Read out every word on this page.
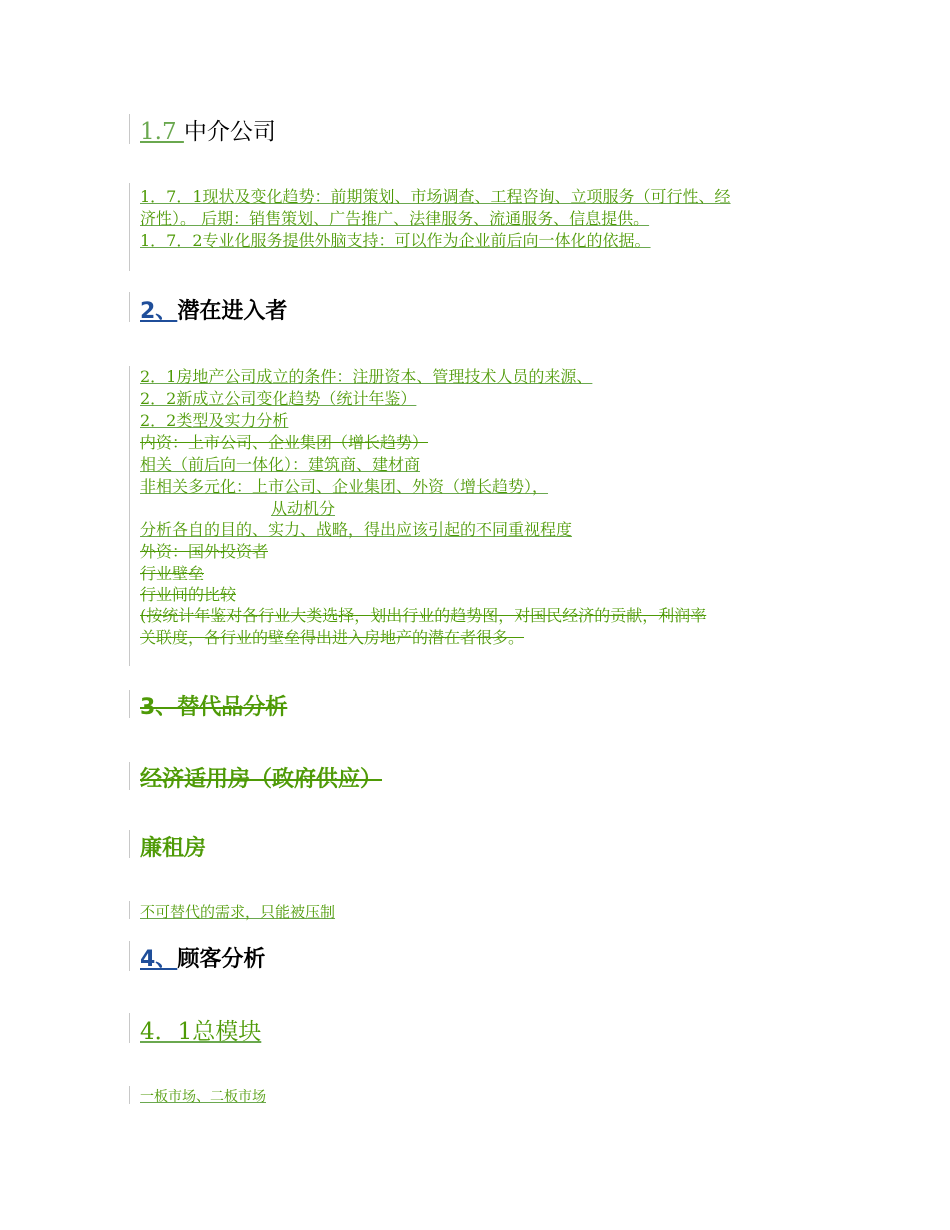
1.7 中介公司
1．7．1现状及变化趋势：前期策划、市场调查、工程咨询、立项服务（可行性、经
济性）。 后期：销售策划、广告推广、法律服务、流通服务、信息提供。
1．7．2专业化服务提供外脑支持：可以作为企业前后向一体化的依据。
2、潜在进入者
2．1房地产公司成立的条件：注册资本、管理技术人员的来源、
2．2新成立公司变化趋势（统计年鉴）
2．2类型及实力分析
内资：上市公司、企业集团（增长趋势）
相关（前后向一体化）：建筑商、建材商
非相关多元化：上市公司、企业集团、外资（增长趋势），
从动机分
分析各自的目的、实力、战略，得出应该引起的不同重视程度
外资：国外投资者
行业壁垒
行业间的比较
(按统计年鉴对各行业大类选择，划出行业的趋势图，对国民经济的贡献，利润率
关联度，各行业的壁垒得出进入房地产的潜在者很多。
3、替代品分析
经济适用房（政府供应）
廉租房
不可替代的需求，只能被压制
4、顾客分析
4．1总模块
一板市场、二板市场
